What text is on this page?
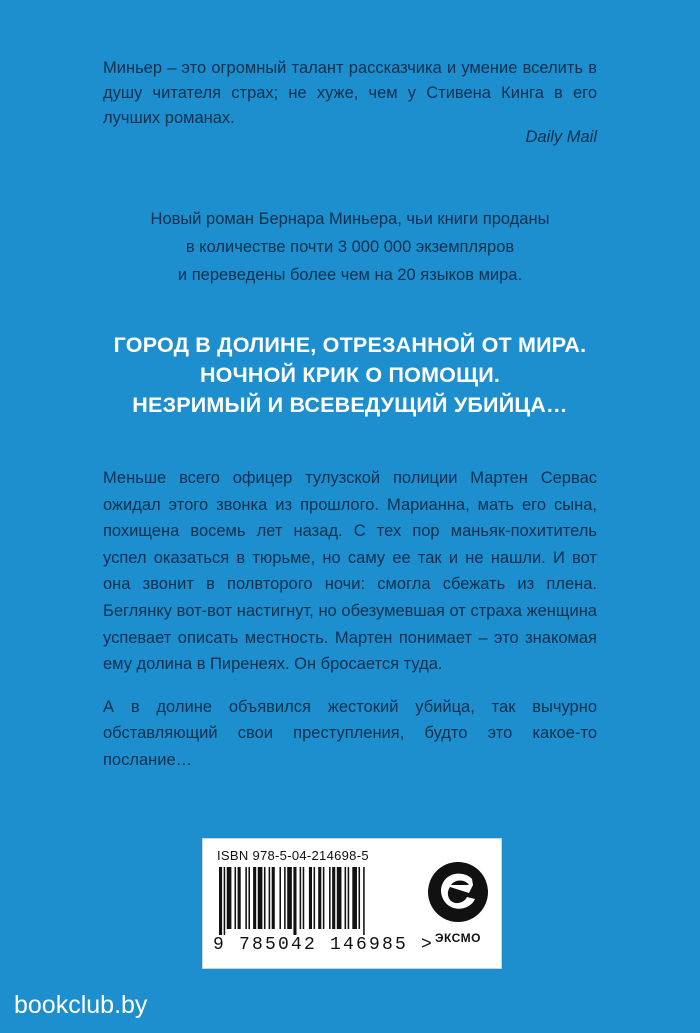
Миньер – это огромный талант рассказчика и умение вселить в душу читателя страх; не хуже, чем у Стивена Кинга в его лучших романах.
Daily Mail
Новый роман Бернара Миньера, чьи книги проданы
в количестве почти 3 000 000 экземпляров
и переведены более чем на 20 языков мира.
ГОРОД В ДОЛИНЕ, ОТРЕЗАННОЙ ОТ МИРА.
НОЧНОЙ КРИК О ПОМОЩИ.
НЕЗРИМЫЙ И ВСЕВЕДУЩИЙ УБИЙЦА…

Меньше всего офицер тулузской полиции Мартен Сервас ожидал этого звонка из прошлого. Марианна, мать его сына, похищена восемь лет назад. С тех пор маньяк-похититель успел оказаться в тюрьме, но саму ее так и не нашли. И вот она звонит в полвторого ночи: смогла сбежать из плена. Беглянку вот-вот настигнут, но обезумевшая от страха женщина успевает описать местность. Мартен понимает – это знакомая ему долина в Пиренеях. Он бросается туда.

А в долине объявился жестокий убийца, так вычурно обставляющий свои преступления, будто это какое-то послание…

ISBN 978-5-04-214698-5
9 785042 146985 > ЭКСМО
bookclub.by
